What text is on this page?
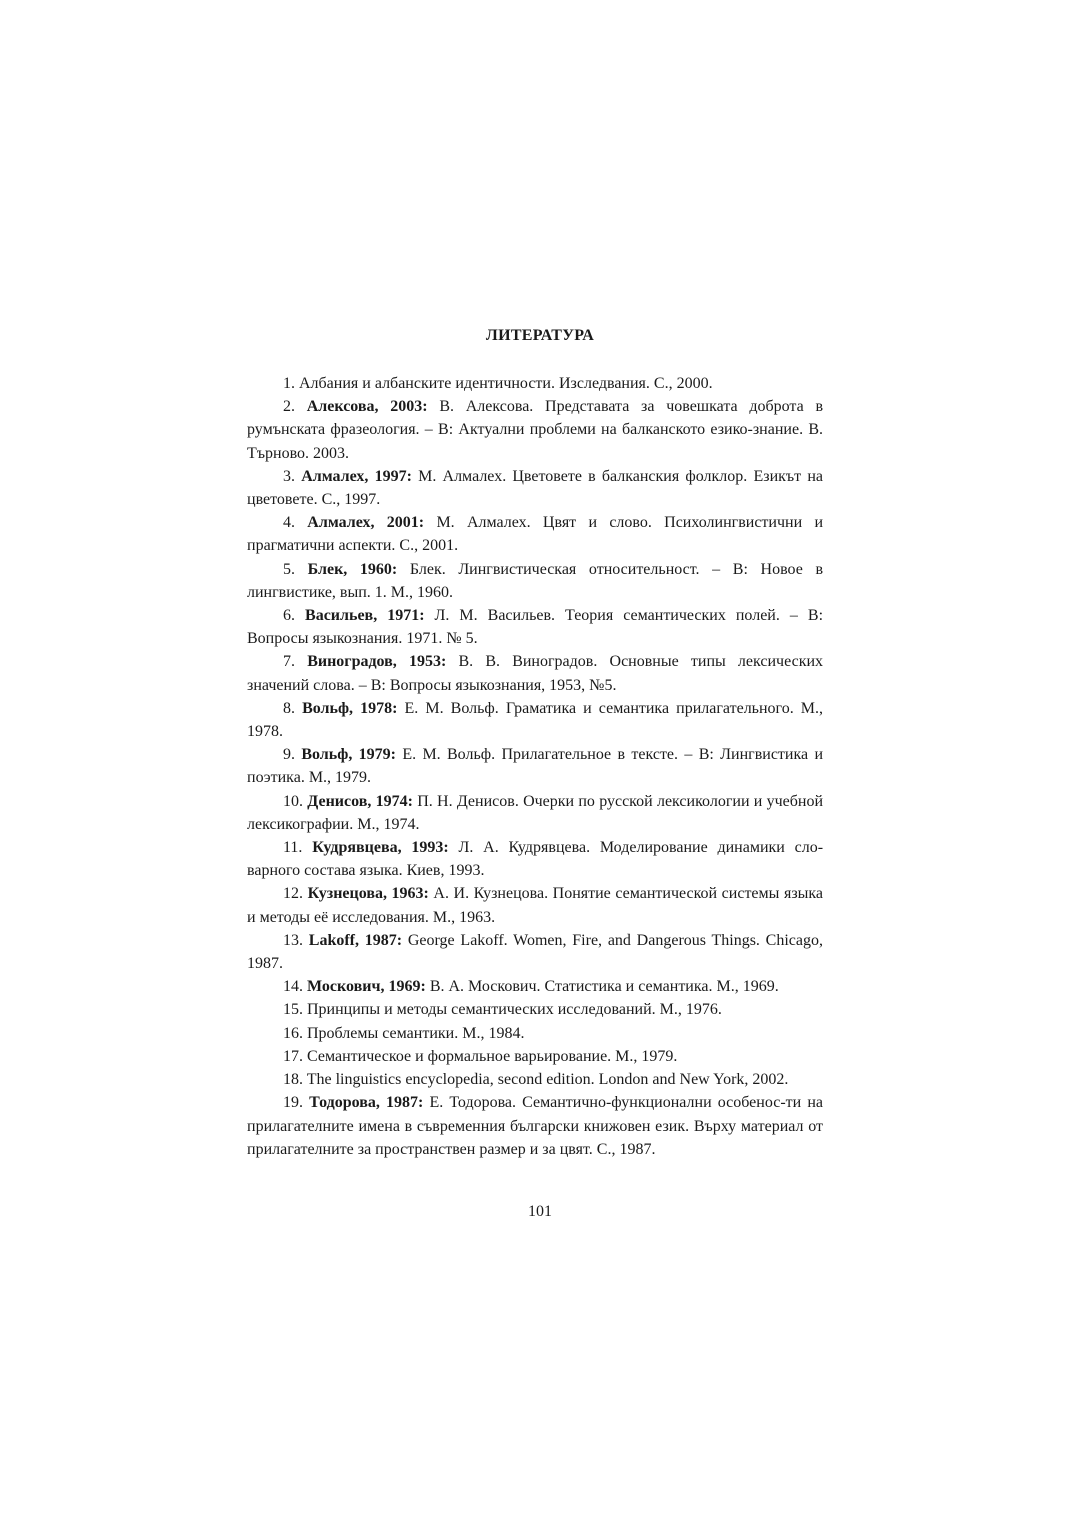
ЛИТЕРАТУРА

1. Албания и албанските идентичности. Изследвания. С., 2000.

2. Алексова, 2003: В. Алексова. Представата за човешката доброта в румънската фразеология. – В: Актуални проблеми на балканското езико-знание. В. Търново. 2003.

3. Алмалех, 1997: М. Алмалех. Цветовете в балканския фолклор. Езикът на цветовете. С., 1997.

4. Алмалех, 2001: М. Алмалех. Цвят и слово. Психолингвистични и прагматични аспекти. С., 2001.

5. Блек, 1960: Блек. Лингвистическая относительност. – В: Новое в лингвистике, вып. 1. М., 1960.

6. Васильев, 1971: Л. М. Васильев. Теория семантических полей. – В: Вопросы языкознания. 1971. № 5.

7. Виноградов, 1953: В. В. Виноградов. Основные типы лексических значений слова. – В: Вопросы языкознания, 1953, №5.

8. Вольф, 1978: Е. М. Вольф. Граматика и семантика прилагательного. М., 1978.

9. Вольф, 1979: Е. М. Вольф. Прилагательное в тексте. – В: Лингвистика и поэтика. М., 1979.

10. Денисов, 1974: П. Н. Денисов. Очерки по русской лексикологии и учебной лексикографии. М., 1974.

11. Кудрявцева, 1993: Л. А. Кудрявцева. Моделирование динамики сло-варного состава языка. Киев, 1993.

12. Кузнецова, 1963: А. И. Кузнецова. Понятие семантической системы языка и методы её исследования. М., 1963.

13. Lakoff, 1987: George Lakoff. Women, Fire, and Dangerous Things. Chicago, 1987.

14. Москович, 1969: В. А. Москович. Статистика и семантика. М., 1969.

15. Принципы и методы семантических исследований. М., 1976.

16. Проблемы семантики. М., 1984.

17. Семантическое и формальное варьирование. М., 1979.

18. The linguistics encyclopedia, second edition. London and New York, 2002.

19. Тодорова, 1987: Е. Тодорова. Семантично-функционални особенос-ти на прилагателните имена в съвременния български книжовен език. Върху материал от прилагателните за пространствен размер и за цвят. С., 1987.

101
